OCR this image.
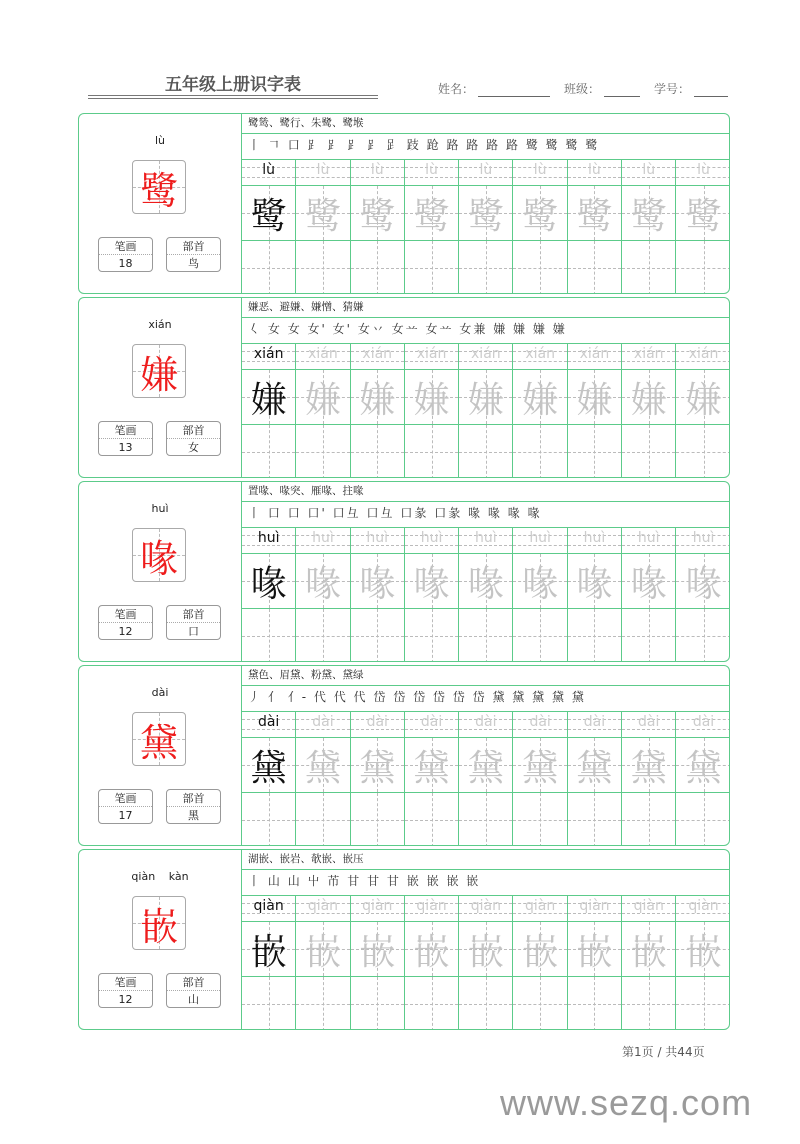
五年级上册识字表	姓名：	班级：	学号：
lù
鹭
笔画
18
部首
鸟
鹭鸶、鹭行、朱鹭、鹭堠
丨 𠃍 口 ⻊ ⻊ ⻊ ⻊ 𧾷 跂 跄 路 路 路 路 鹭 鹭 鹭 鹭
lù
鹭
lù
鹭
lù
鹭
lù
鹭
lù
鹭
lù
鹭
lù
鹭
lù
鹭
lù
鹭
xián
嫌
笔画
13
部首
女
嫌恶、避嫌、嫌憎、猜嫌
𡿨 女 女 女' 女' 女丷 女䒑 女䒑 女兼 嫌 嫌 嫌 嫌
xián
嫌
xián
嫌
xián
嫌
xián
嫌
xián
嫌
xián
嫌
xián
嫌
xián
嫌
xián
嫌
huì
喙
笔画
12
部首
口
置喙、喙突、雁喙、拄喙
丨 口 口 口' 口彑 口彑 口彖 口彖 喙 喙 喙 喙
huì
喙
huì
喙
huì
喙
huì
喙
huì
喙
huì
喙
huì
喙
huì
喙
huì
喙
dài
黛
笔画
17
部首
黑
黛色、眉黛、粉黛、黛绿
丿 亻 亻- 代 代 代 岱 岱 岱 岱 岱 岱 黛 黛 黛 黛 黛
dài
黛
dài
黛
dài
黛
dài
黛
dài
黛
dài
黛
dài
黛
dài
黛
dài
黛
qiàn kàn
嵌
笔画
12
部首
山
湖嵌、嵌岩、欹嵌、嵌压
丨 山 山 屮 芇 甘 甘 甘 嵌 嵌 嵌 嵌
qiàn
嵌
qiàn
嵌
qiàn
嵌
qiàn
嵌
qiàn
嵌
qiàn
嵌
qiàn
嵌
qiàn
嵌
qiàn
嵌
第1页 / 共44页
www.sezq.com
